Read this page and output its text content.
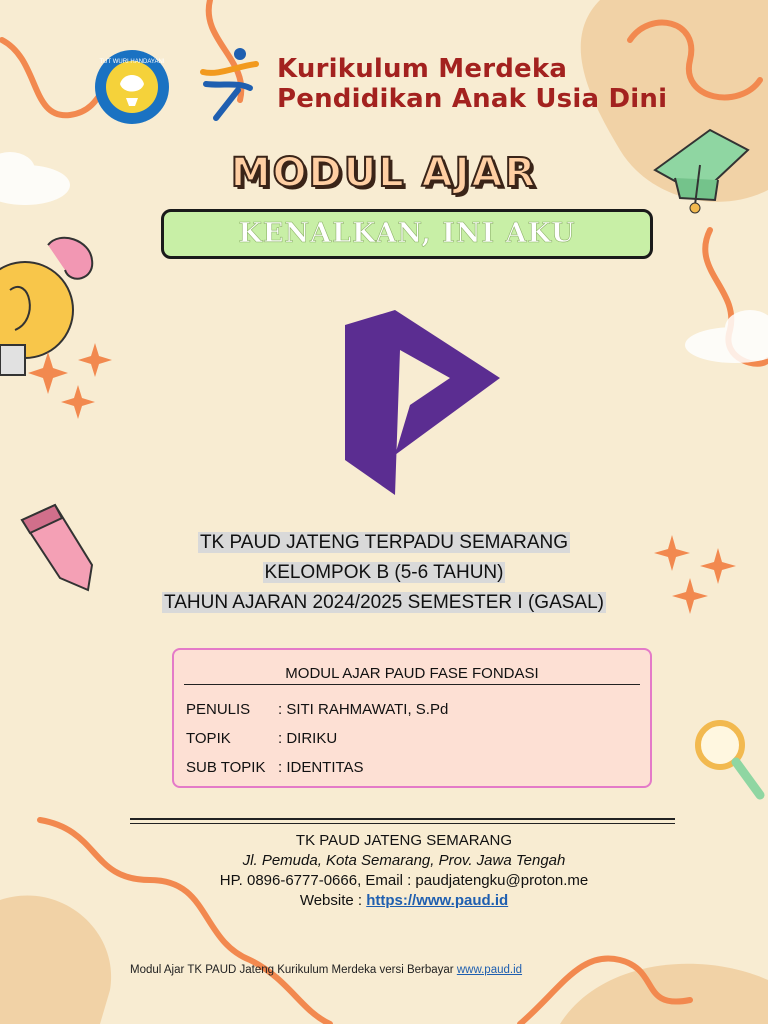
TUT WURI HANDAYANI	Kurikulum Merdeka
Pendidikan Anak Usia Dini
MODUL AJAR
KENALKAN, INI AKU
TK PAUD JATENG TERPADU SEMARANG
KELOMPOK B (5-6 TAHUN)
TAHUN AJARAN 2024/2025 SEMESTER I (GASAL)
MODUL AJAR PAUD FASE FONDASI
PENULIS : SITI RAHMAWATI, S.Pd
TOPIK	: DIRIKU
SUB TOPIK : IDENTITAS
TK PAUD JATENG SEMARANG
Jl. Pemuda, Kota Semarang, Prov. Jawa Tengah
HP. 0896-6777-0666, Email : paudjatengku@proton.me
Website : https://www.paud.id
Modul Ajar TK PAUD Jateng Kurikulum Merdeka versi Berbayar www.paud.id
